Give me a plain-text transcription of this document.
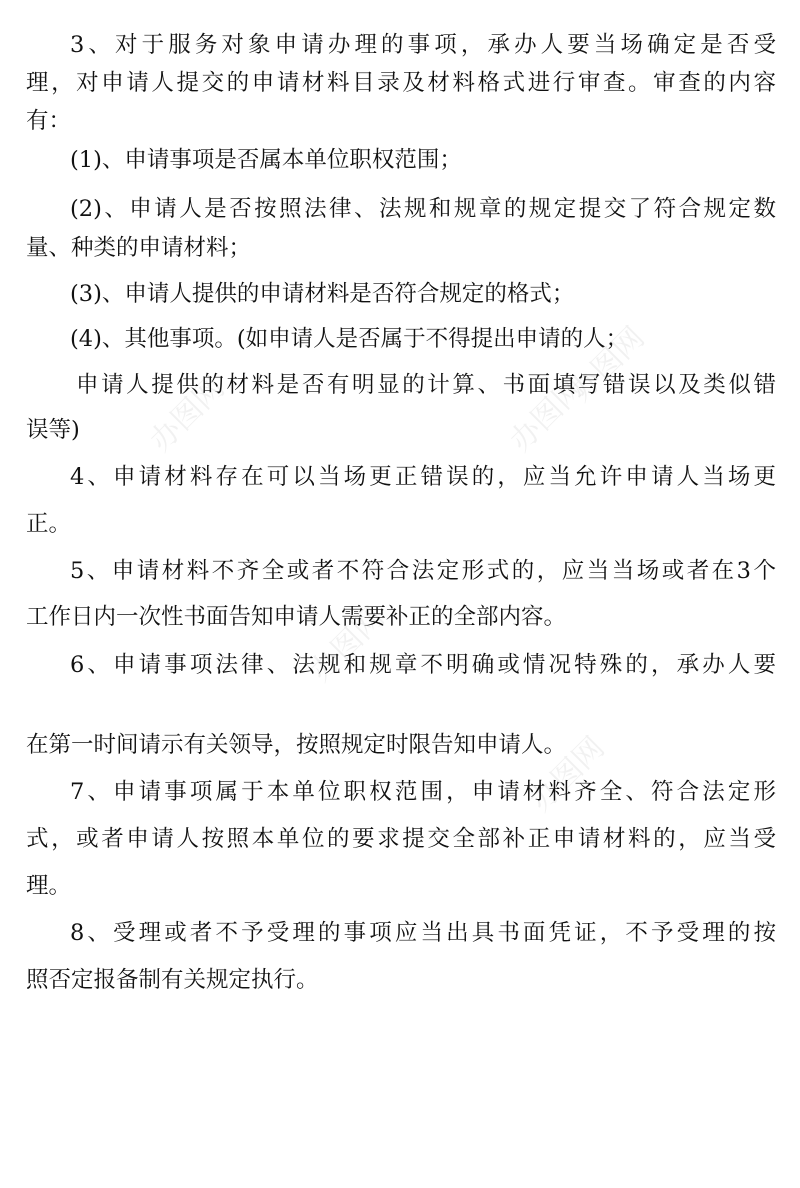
办图网	办图网
办图网
办图网
办图网
3、对于服务对象申请办理的事项，承办人要当场确定是否受
理，对申请人提交的申请材料目录及材料格式进行审查。审查的内容
有：
(1)、申请事项是否属本单位职权范围；
(2)、申请人是否按照法律、法规和规章的规定提交了符合规定数
量、种类的申请材料；
(3)、申请人提供的申请材料是否符合规定的格式；
(4)、其他事项。(如申请人是否属于不得提出申请的人；
申请人提供的材料是否有明显的计算、书面填写错误以及类似错
误等)
4、申请材料存在可以当场更正错误的，应当允许申请人当场更
正。
5、申请材料不齐全或者不符合法定形式的，应当当场或者在3个
工作日内一次性书面告知申请人需要补正的全部内容。
6、申请事项法律、法规和规章不明确或情况特殊的，承办人要
在第一时间请示有关领导，按照规定时限告知申请人。
7、申请事项属于本单位职权范围，申请材料齐全、符合法定形
式，或者申请人按照本单位的要求提交全部补正申请材料的，应当受
理。
8、受理或者不予受理的事项应当出具书面凭证，不予受理的按
照否定报备制有关规定执行。
